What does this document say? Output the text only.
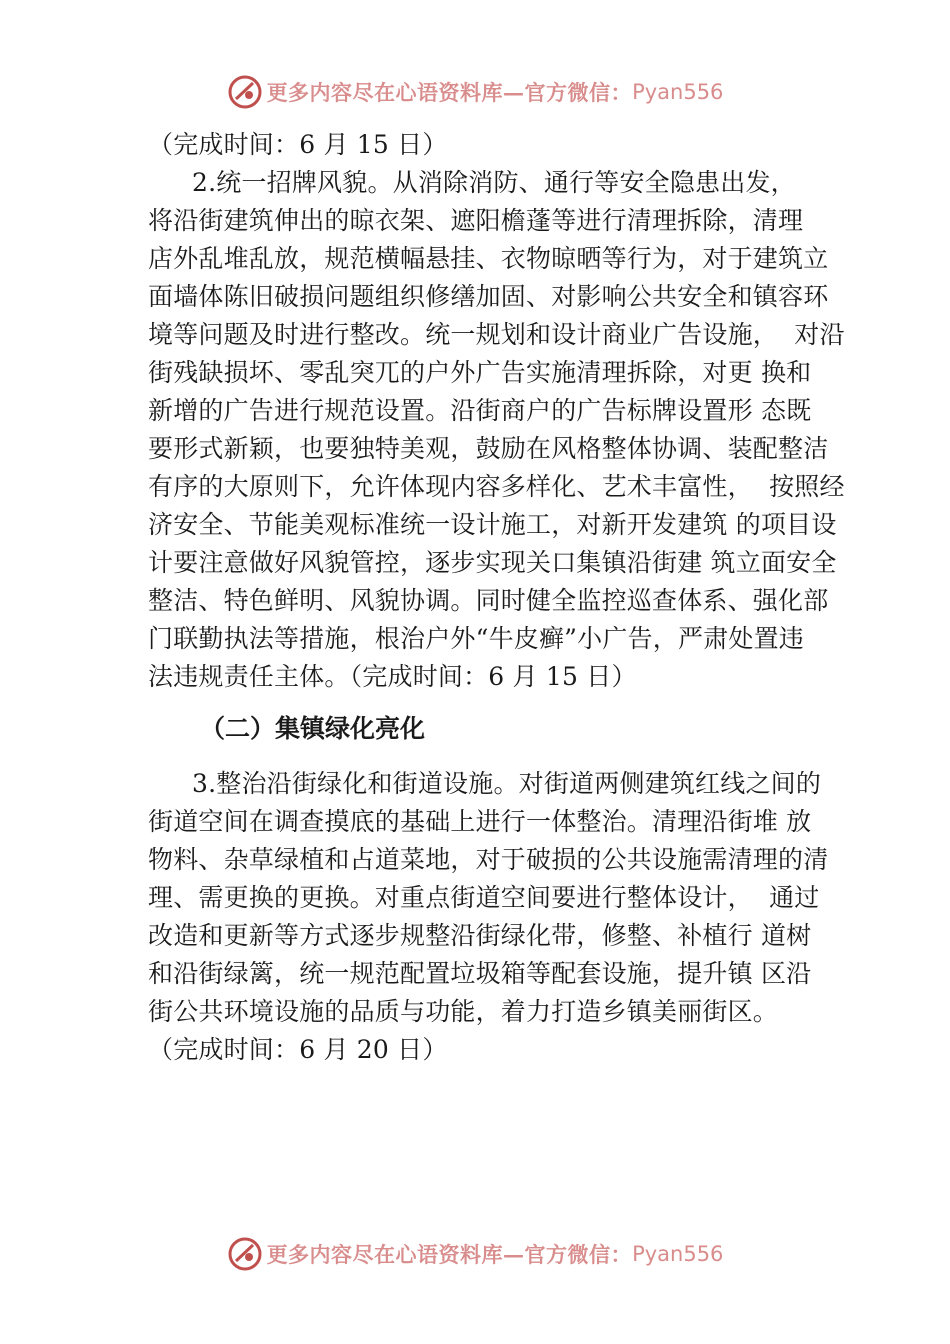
更多内容尽在心语资料库—官方微信： Pyan556
（完成时间：6 月 15 日）
2.统一招牌风貌。从消除消防、通行等安全隐患出发，
将沿街建筑伸出的晾衣架、遮阳檐蓬等进行清理拆除，清理
店外乱堆乱放，规范横幅悬挂、衣物晾晒等行为，对于建筑立
面墙体陈旧破损问题组织修缮加固、对影响公共安全和镇容环
境等问题及时进行整改。统一规划和设计商业广告设施，  对沿
街残缺损坏、零乱突兀的户外广告实施清理拆除，对更 换和
新增的广告进行规范设置。沿街商户的广告标牌设置形 态既
要形式新颖，也要独特美观，鼓励在风格整体协调、装配整洁
有序的大原则下，允许体现内容多样化、艺术丰富性，  按照经
济安全、节能美观标准统一设计施工，对新开发建筑 的项目设
计要注意做好风貌管控，逐步实现关口集镇沿街建 筑立面安全
整洁、特色鲜明、风貌协调。同时健全监控巡查体系、强化部
门联勤执法等措施，根治户外“牛皮癣”小广告，严肃处置违
法违规责任主体。（完成时间：6 月 15 日）
（二）集镇绿化亮化
3.整治沿街绿化和街道设施。对街道两侧建筑红线之间的
街道空间在调查摸底的基础上进行一体整治。清理沿街堆 放
物料、杂草绿植和占道菜地，对于破损的公共设施需清理的清
理、需更换的更换。对重点街道空间要进行整体设计，  通过
改造和更新等方式逐步规整沿街绿化带，修整、补植行 道树
和沿街绿篱，统一规范配置垃圾箱等配套设施，提升镇 区沿
街公共环境设施的品质与功能，着力打造乡镇美丽街区。
（完成时间：6 月 20 日）
更多内容尽在心语资料库—官方微信： Pyan556
